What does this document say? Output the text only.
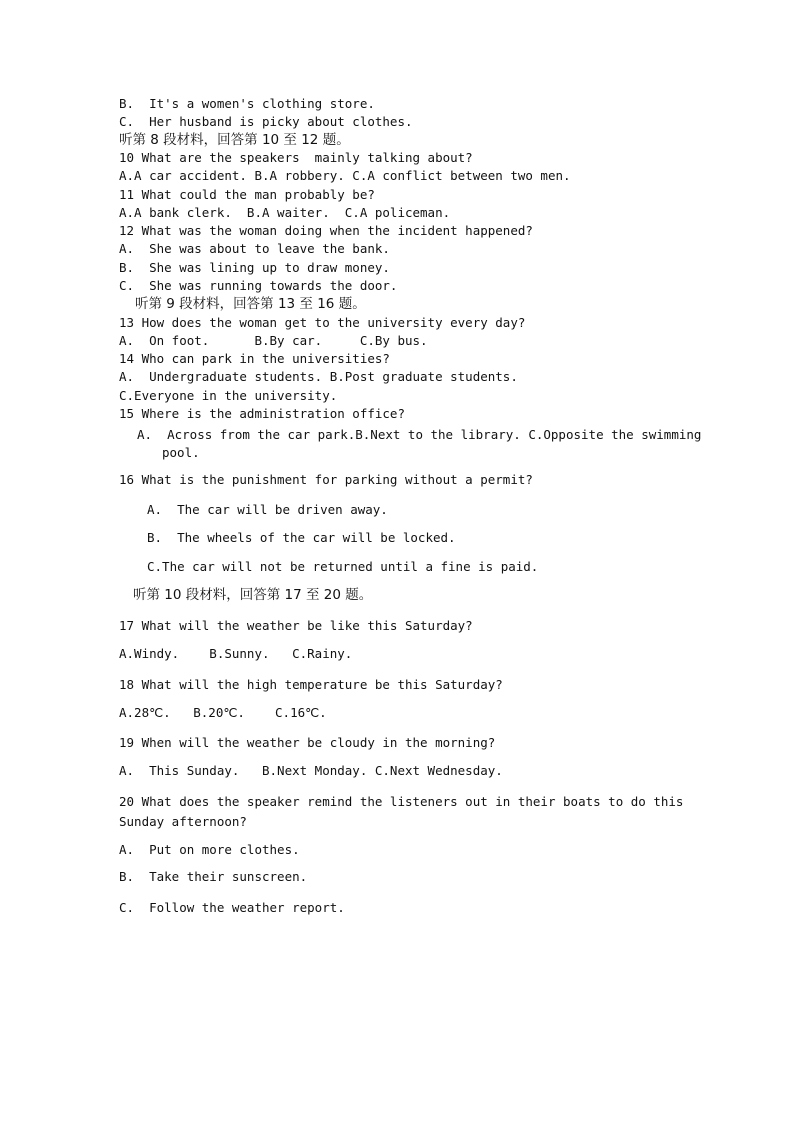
B.  It's a women's clothing store.
C.  Her husband is picky about clothes.
听第 8 段材料，回答第 10 至 12 题。
10 What are the speakers  mainly talking about?
A.A car accident. B.A robbery. C.A conflict between two men.
11 What could the man probably be?
A.A bank clerk.  B.A waiter.  C.A policeman.
12 What was the woman doing when the incident happened?
A.  She was about to leave the bank.
B.  She was lining up to draw money.
C.  She was running towards the door.
听第 9 段材料，回答第 13 至 16 题。
13 How does the woman get to the university every day?
A.  On foot.      B.By car.     C.By bus.
14 Who can park in the universities?
A.  Undergraduate students. B.Post graduate students.
C.Everyone in the university.
15 Where is the administration office?
A.  Across from the car park.B.Next to the library. C.Opposite the swimming
pool.
16 What is the punishment for parking without a permit?
A.  The car will be driven away.
B.  The wheels of the car will be locked.
C.The car will not be returned until a fine is paid.
听第 10 段材料，回答第 17 至 20 题。
17 What will the weather be like this Saturday?
A.Windy.    B.Sunny.   C.Rainy.
18 What will the high temperature be this Saturday?
A.28℃.   B.20℃.    C.16℃.
19 When will the weather be cloudy in the morning?
A.  This Sunday.   B.Next Monday. C.Next Wednesday.
20 What does the speaker remind the listeners out in their boats to do this
Sunday afternoon?
A.  Put on more clothes.
B.  Take their sunscreen.
C.  Follow the weather report.
